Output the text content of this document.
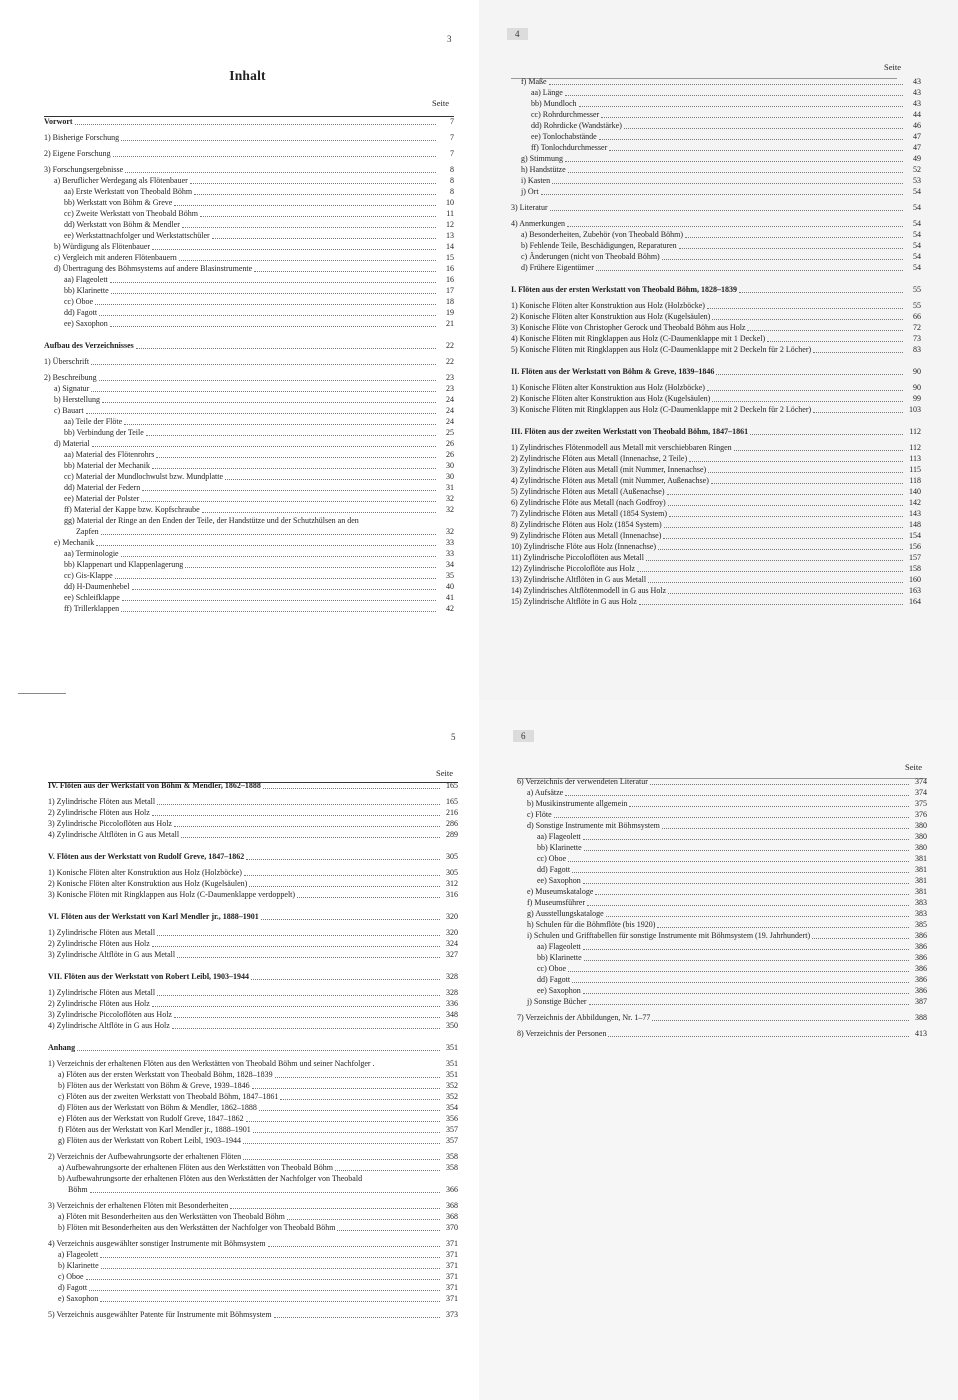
3
Inhalt
Seite
Vorwort	7
1) Bisherige Forschung	7
2) Eigene Forschung	7
3) Forschungsergebnisse	8
a) Beruflicher Werdegang als Flötenbauer	8
aa) Erste Werkstatt von Theobald Böhm	8
bb) Werkstatt von Böhm & Greve	10
cc) Zweite Werkstatt von Theobald Böhm	11
dd) Werkstatt von Böhm & Mendler	12
ee) Werkstattnachfolger und Werkstattschüler	13
b) Würdigung als Flötenbauer	14
c) Vergleich mit anderen Flötenbauern	15
d) Übertragung des Böhmsystems auf andere Blasinstrumente	16
aa) Flageolett	16
bb) Klarinette	17
cc) Oboe	18
dd) Fagott	19
ee) Saxophon	21
Aufbau des Verzeichnisses	22
1) Überschrift	22
2) Beschreibung	23
a) Signatur	23
b) Herstellung	24
c) Bauart	24
aa) Teile der Flöte	24
bb) Verbindung der Teile	25
d) Material	26
aa) Material des Flötenrohrs	26
bb) Material der Mechanik	30
cc) Material der Mundlochwulst bzw. Mundplatte	30
dd) Material der Federn	31
ee) Material der Polster	32
ff) Material der Kappe bzw. Kopfschraube	32
gg) Material der Ringe an den Enden der Teile, der Handstütze und der Schutzhülsen an den
Zapfen	32
e) Mechanik	33
aa) Terminologie	33
bb) Klappenart und Klappenlagerung	34
cc) Gis-Klappe	35
dd) H-Daumenhebel	40
ee) Schleifklappe	41
ff) Trillerklappen	42
4
Seite
f) Maße	43
aa) Länge	43
bb) Mundloch	43
cc) Rohrdurchmesser	44
dd) Rohrdicke (Wandstärke)	46
ee) Tonlochabstände	47
ff) Tonlochdurchmesser	47
g) Stimmung	49
h) Handstütze	52
i) Kasten	53
j) Ort	54
3) Literatur	54
4) Anmerkungen	54
a) Besonderheiten, Zubehör (von Theobald Böhm)	54
b) Fehlende Teile, Beschädigungen, Reparaturen	54
c) Änderungen (nicht von Theobald Böhm)	54
d) Frühere Eigentümer	54
I. Flöten aus der ersten Werkstatt von Theobald Böhm, 1828–1839	55
1) Konische Flöten alter Konstruktion aus Holz (Holzböcke)	55
2) Konische Flöten alter Konstruktion aus Holz (Kugelsäulen)	66
3) Konische Flöte von Christopher Gerock und Theobald Böhm aus Holz	72
4) Konische Flöten mit Ringklappen aus Holz (C-Daumenklappe mit 1 Deckel)	73
5) Konische Flöten mit Ringklappen aus Holz (C-Daumenklappe mit 2 Deckeln für 2 Löcher)	83
II. Flöten aus der Werkstatt von Böhm & Greve, 1839–1846	90
1) Konische Flöten alter Konstruktion aus Holz (Holzböcke)	90
2) Konische Flöten alter Konstruktion aus Holz (Kugelsäulen)	99
3) Konische Flöten mit Ringklappen aus Holz (C-Daumenklappe mit 2 Deckeln für 2 Löcher)	103
III. Flöten aus der zweiten Werkstatt von Theobald Böhm, 1847–1861	112
1) Zylindrisches Flötenmodell aus Metall mit verschiebbaren Ringen	112
2) Zylindrische Flöten aus Metall (Innenachse, 2 Teile)	113
3) Zylindrische Flöten aus Metall (mit Nummer, Innenachse)	115
4) Zylindrische Flöten aus Metall (mit Nummer, Außenachse)	118
5) Zylindrische Flöten aus Metall (Außenachse)	140
6) Zylindrische Flöte aus Metall (nach Godfroy)	142
7) Zylindrische Flöten aus Metall (1854 System)	143
8) Zylindrische Flöten aus Holz (1854 System)	148
9) Zylindrische Flöten aus Metall (Innenachse)	154
10) Zylindrische Flöte aus Holz (Innenachse)	156
11) Zylindrische Piccoloflöten aus Metall	157
12) Zylindrische Piccoloflöte aus Holz	158
13) Zylindrische Altflöten in G aus Metall	160
14) Zylindrisches Altflötenmodell in G aus Holz	163
15) Zylindrische Altflöte in G aus Holz	164
5
Seite
IV. Flöten aus der Werkstatt von Böhm & Mendler, 1862–1888	165
1) Zylindrische Flöten aus Metall	165
2) Zylindrische Flöten aus Holz	216
3) Zylindrische Piccoloflöten aus Holz	286
4) Zylindrische Altflöten in G aus Metall	289
V. Flöten aus der Werkstatt von Rudolf Greve, 1847–1862	305
1) Konische Flöten alter Konstruktion aus Holz (Holzböcke)	305
2) Konische Flöten alter Konstruktion aus Holz (Kugelsäulen)	312
3) Konische Flöten mit Ringklappen aus Holz (C-Daumenklappe verdoppelt)	316
VI. Flöten aus der Werkstatt von Karl Mendler jr., 1888–1901	320
1) Zylindrische Flöten aus Metall	320
2) Zylindrische Flöten aus Holz	324
3) Zylindrische Altflöte in G aus Metall	327
VII. Flöten aus der Werkstatt von Robert Leibl, 1903–1944	328
1) Zylindrische Flöten aus Metall	328
2) Zylindrische Flöten aus Holz	336
3) Zylindrische Piccoloflöten aus Holz	348
4) Zylindrische Altflöte in G aus Holz	350
Anhang	351
1) Verzeichnis der erhaltenen Flöten aus den Werkstätten von Theobald Böhm und seiner Nachfolger .	351
a) Flöten aus der ersten Werkstatt von Theobald Böhm, 1828–1839	351
b) Flöten aus der Werkstatt von Böhm & Greve, 1939–1846	352
c) Flöten aus der zweiten Werkstatt von Theobald Böhm, 1847–1861	352
d) Flöten aus der Werkstatt von Böhm & Mendler, 1862–1888	354
e) Flöten aus der Werkstatt von Rudolf Greve, 1847–1862	356
f) Flöten aus der Werkstatt von Karl Mendler jr., 1888–1901	357
g) Flöten aus der Werkstatt von Robert Leibl, 1903–1944	357
2) Verzeichnis der Aufbewahrungsorte der erhaltenen Flöten	358
a) Aufbewahrungsorte der erhaltenen Flöten aus den Werkstätten von Theobald Böhm	358
b) Aufbewahrungsorte der erhaltenen Flöten aus den Werkstätten der Nachfolger von Theobald
Böhm	366
3) Verzeichnis der erhaltenen Flöten mit Besonderheiten	368
a) Flöten mit Besonderheiten aus den Werkstätten von Theobald Böhm	368
b) Flöten mit Besonderheiten aus den Werkstätten der Nachfolger von Theobald Böhm	370
4) Verzeichnis ausgewählter sonstiger Instrumente mit Böhmsystem	371
a) Flageolett	371
b) Klarinette	371
c) Oboe	371
d) Fagott	371
e) Saxophon	371
5) Verzeichnis ausgewählter Patente für Instrumente mit Böhmsystem	373
6
Seite
6) Verzeichnis der verwendeten Literatur	374
a) Aufsätze	374
b) Musikinstrumente allgemein	375
c) Flöte	376
d) Sonstige Instrumente mit Böhmsystem	380
aa) Flageolett	380
bb) Klarinette	380
cc) Oboe	381
dd) Fagott	381
ee) Saxophon	381
e) Museumskataloge	381
f) Museumsführer	383
g) Ausstellungskataloge	383
h) Schulen für die Böhmflöte (bis 1920)	385
i) Schulen und Grifftabellen für sonstige Instrumente mit Böhmsystem (19. Jahrhundert)	386
aa) Flageolett	386
bb) Klarinette	386
cc) Oboe	386
dd) Fagott	386
ee) Saxophon	386
j) Sonstige Bücher	387
7) Verzeichnis der Abbildungen, Nr. 1–77	388
8) Verzeichnis der Personen	413
